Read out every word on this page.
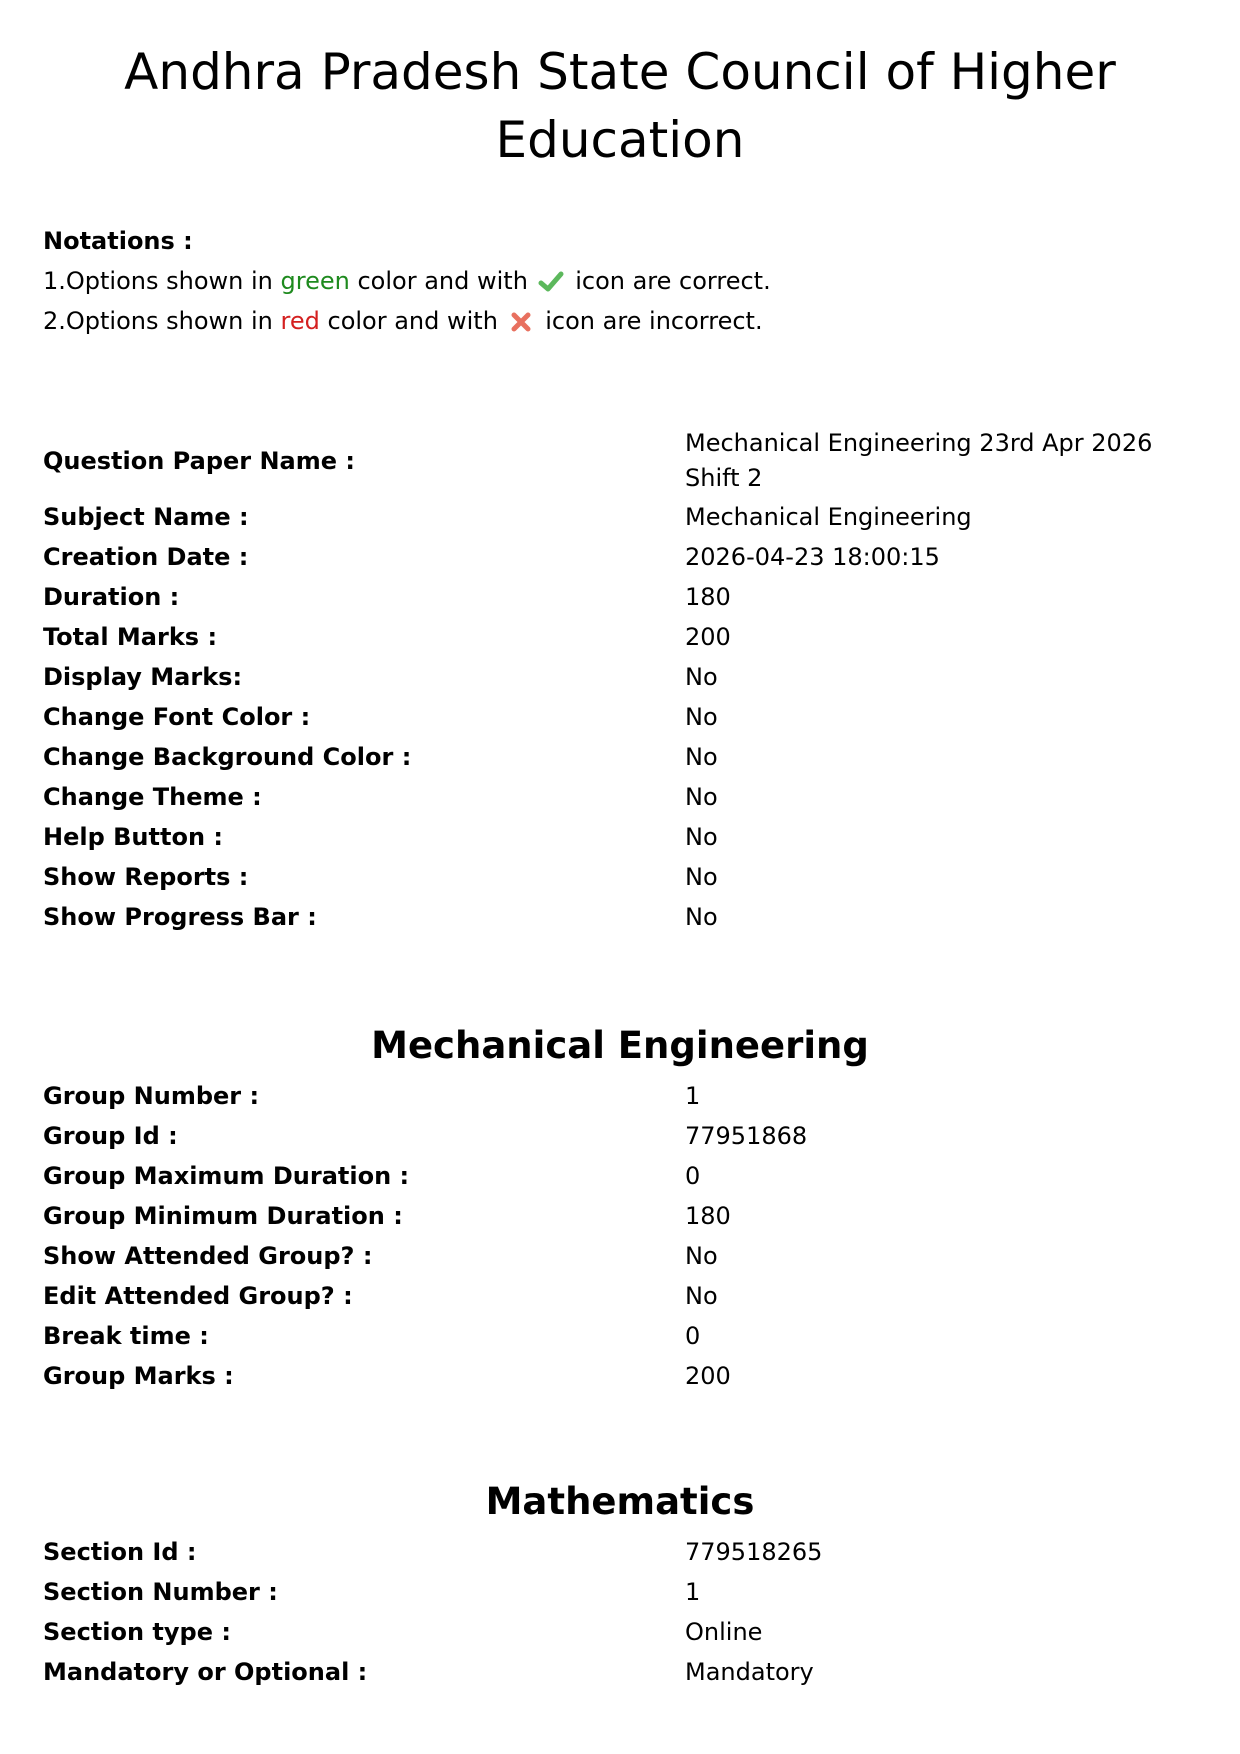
Andhra Pradesh State Council of Higher Education
Notations :
1.Options shown in green color and with icon are correct.
2.Options shown in red color and with icon are incorrect.
Question Paper Name :
Mechanical Engineering 23rd Apr 2026 Shift 2
Subject Name :	Mechanical Engineering
Creation Date :	2026-04-23 18:00:15
Duration :	180
Total Marks :	200
Display Marks:	No
Change Font Color :	No
Change Background Color :	No
Change Theme :	No
Help Button :	No
Show Reports :	No
Show Progress Bar :	No
Mechanical Engineering
Group Number :	1
Group Id :	77951868
Group Maximum Duration :	0
Group Minimum Duration :	180
Show Attended Group? :	No
Edit Attended Group? :	No
Break time :	0
Group Marks :	200
Mathematics
Section Id :	779518265
Section Number :	1
Section type :	Online
Mandatory or Optional :	Mandatory
